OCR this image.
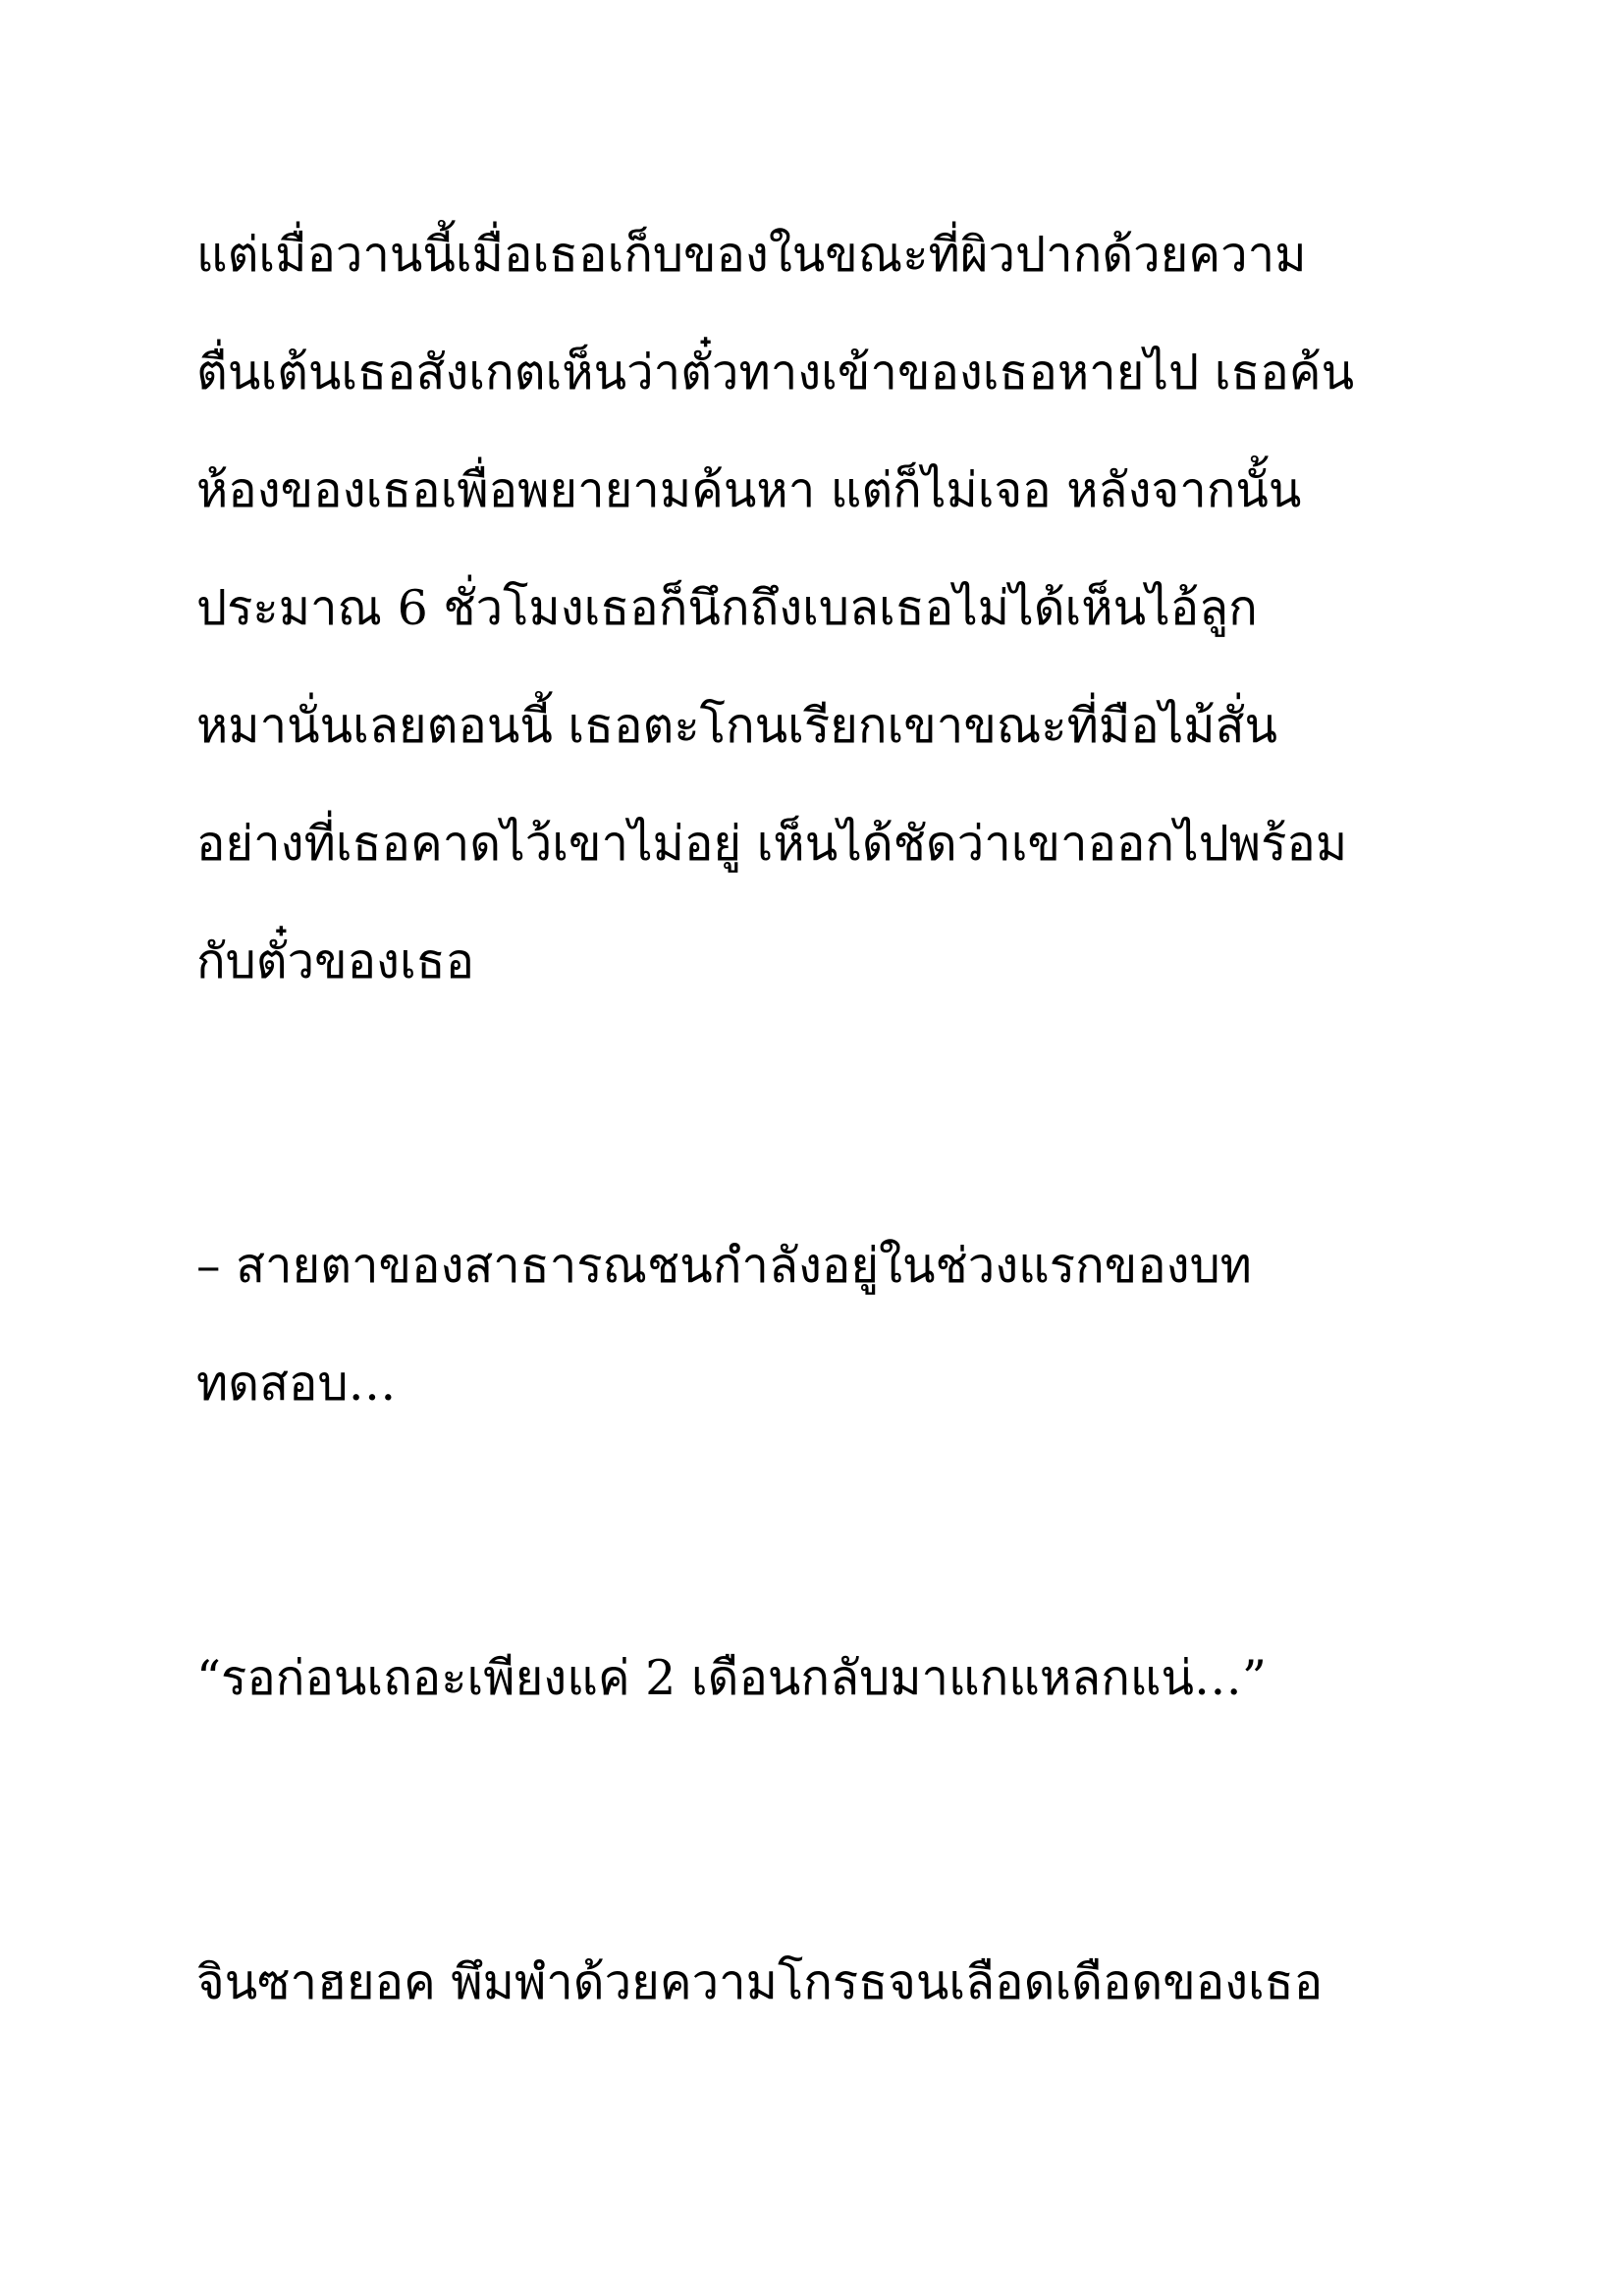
แต่เมื่อวานนี้เมื่อเธอเก็บของในขณะที่ผิวปากด้วยความ
ตื่นเต้นเธอสังเกตเห็นว่าตั๋วทางเข้าของเธอหายไป เธอค้น
ห้องของเธอเพื่อพยายามค้นหา แต่ก็ไม่เจอ หลังจากนั้น
ประมาณ 6 ชั่วโมงเธอก็นึกถึงเบลเธอไม่ได้เห็นไอ้ลูก
หมานั่นเลยตอนนี้ เธอตะโกนเรียกเขาขณะที่มือไม้สั่น
อย่างที่เธอคาดไว้เขาไม่อยู่ เห็นได้ชัดว่าเขาออกไปพร้อม
กับตั๋วของเธอ
– สายตาของสาธารณชนกำลังอยู่ในช่วงแรกของบท
ทดสอบ…
“รอก่อนเถอะเพียงแค่ 2 เดือนกลับมาแกแหลกแน่…”
จินซาฮยอค พึมพำด้วยความโกรธจนเลือดเดือดของเธอ
